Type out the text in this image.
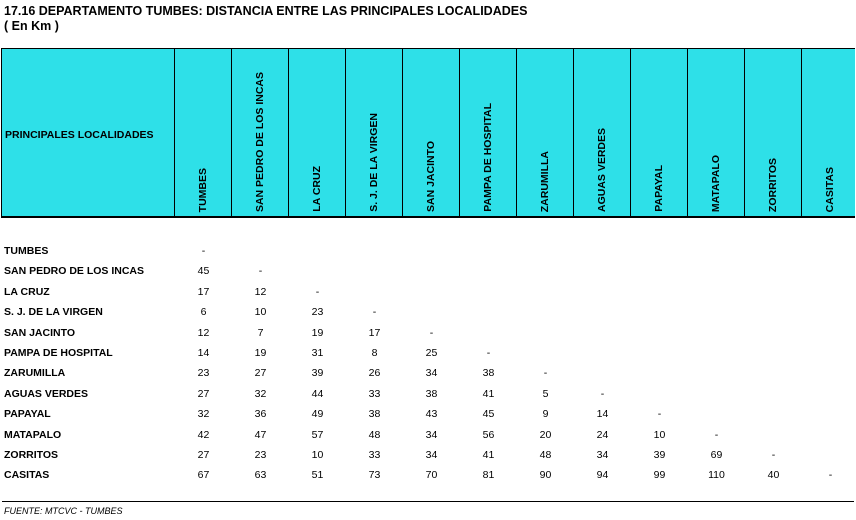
17.16 DEPARTAMENTO TUMBES: DISTANCIA ENTRE LAS PRINCIPALES LOCALIDADES
( En Km )
PRINCIPALES LOCALIDADES
TUMBES	SAN PEDRO DE LOS INCAS	LA CRUZ	S. J. DE LA VIRGEN	SAN JACINTO	PAMPA DE HOSPITAL	ZARUMILLA	AGUAS VERDES	PAPAYAL	MATAPALO	ZORRITOS	CASITAS
TUMBES	-
SAN PEDRO DE LOS INCAS	45	-
LA CRUZ	17	12	-
S. J. DE LA VIRGEN	6	10	23	-
SAN JACINTO	12	7	19	17	-
PAMPA DE HOSPITAL	14	19	31	8	25	-
ZARUMILLA	23	27	39	26	34	38	-
AGUAS VERDES	27	32	44	33	38	41	5	-
PAPAYAL	32	36	49	38	43	45	9	14	-
MATAPALO	42	47	57	48	34	56	20	24	10	-
ZORRITOS	27	23	10	33	34	41	48	34	39	69	-
CASITAS	67	63	51	73	70	81	90	94	99	110	40	-
FUENTE: MTCVC - TUMBES
